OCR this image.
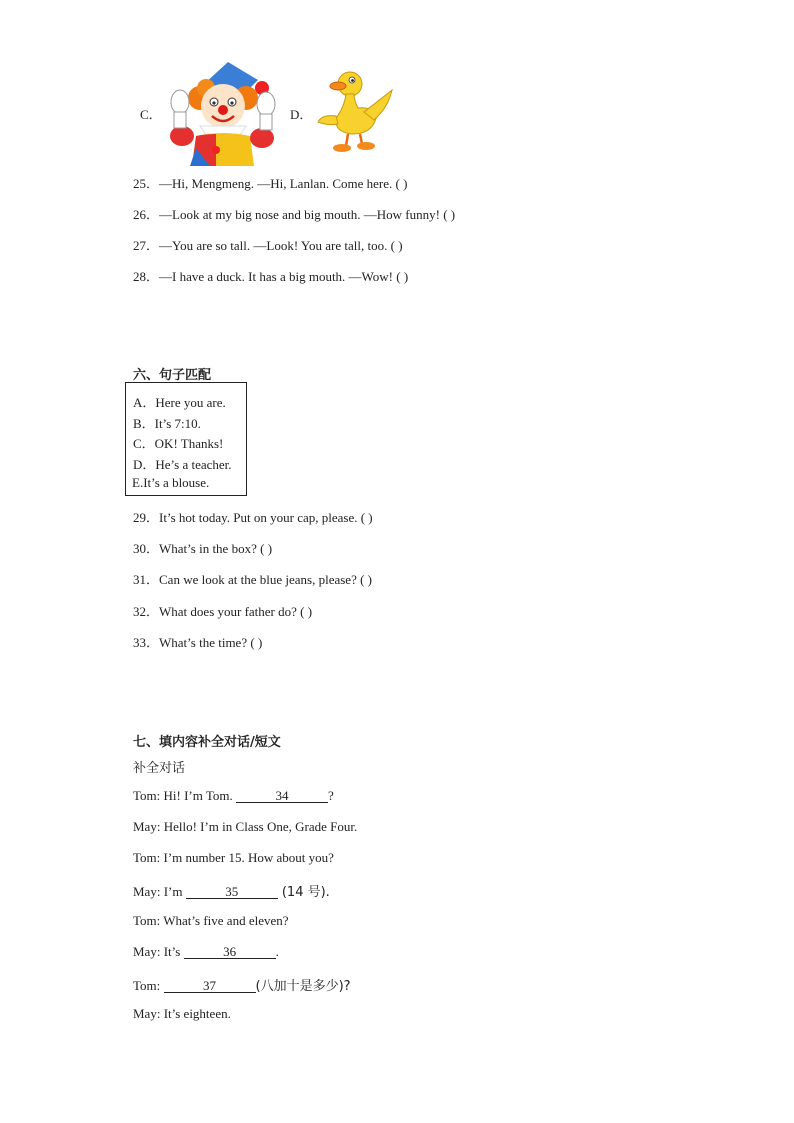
C．	D．
25．—Hi, Mengmeng. —Hi, Lanlan. Come here. ( )
26．—Look at my big nose and big mouth. —How funny! ( )
27．—You are so tall. —Look! You are tall, too. ( )
28．—I have a duck. It has a big mouth. —Wow! ( )
六、句子匹配
A．Here you are.
B．It’s 7:10.
C．OK! Thanks!
D．He’s a teacher.
E.It’s a blouse.
29．It’s hot today. Put on your cap, please. ( )
30．What’s in the box? ( )
31．Can we look at the blue jeans, please? ( )
32．What does your father do? ( )
33．What’s the time? ( )
七、填内容补全对话/短文
补全对话
Tom: Hi! I’m Tom.	34	?
May: Hello! I’m in Class One, Grade Four.
Tom: I’m number 15. How about you?
May: I’m	35	(14 号).
Tom: What’s five and eleven?
May: It’s	36	.
Tom:	37	(八加十是多少)?
May: It’s eighteen.
